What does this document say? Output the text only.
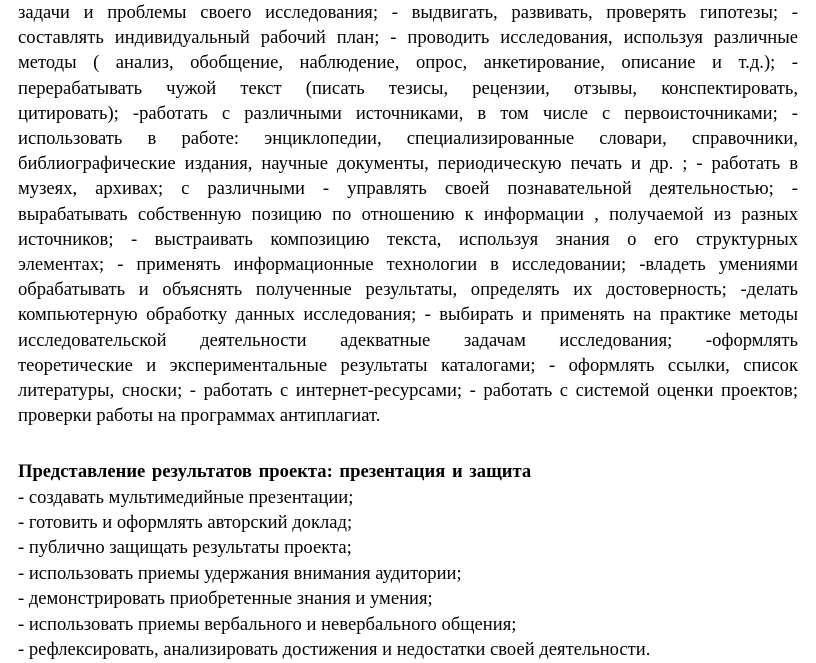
задачи и проблемы своего исследования; - выдвигать, развивать, проверять гипотезы; -
составлять индивидуальный рабочий план; - проводить исследования, используя различные
методы ( анализ, обобщение, наблюдение, опрос, анкетирование, описание и т.д.); -
перерабатывать чужой текст (писать тезисы, рецензии, отзывы, конспектировать,
цитировать); -работать с различными источниками, в том числе с первоисточниками; -
использовать в работе: энциклопедии, специализированные словари, справочники,
библиографические издания, научные документы, периодическую печать и др. ; - работать в
музеях, архивах; с различными - управлять своей познавательной деятельностью; -
вырабатывать собственную позицию по отношению к информации , получаемой из разных
источников; - выстраивать композицию текста, используя знания о его структурных
элементах; - применять информационные технологии в исследовании; -владеть умениями
обрабатывать и объяснять полученные результаты, определять их достоверность; -делать
компьютерную обработку данных исследования; - выбирать и применять на практике методы
исследовательской деятельности адекватные задачам исследования; -оформлять
теоретические и экспериментальные результаты каталогами; - оформлять ссылки, список
литературы, сноски; - работать с интернет-ресурсами; - работать с системой оценки проектов;
проверки работы на программах антиплагиат.
Представление результатов проекта: презентация и защита
- создавать мультимедийные презентации;
- готовить и оформлять авторский доклад;
- публично защищать результаты проекта;
- использовать приемы удержания внимания аудитории;
- демонстрировать приобретенные знания и умения;
- использовать приемы вербального и невербального общения;
- рефлексировать, анализировать достижения и недостатки своей деятельности.
